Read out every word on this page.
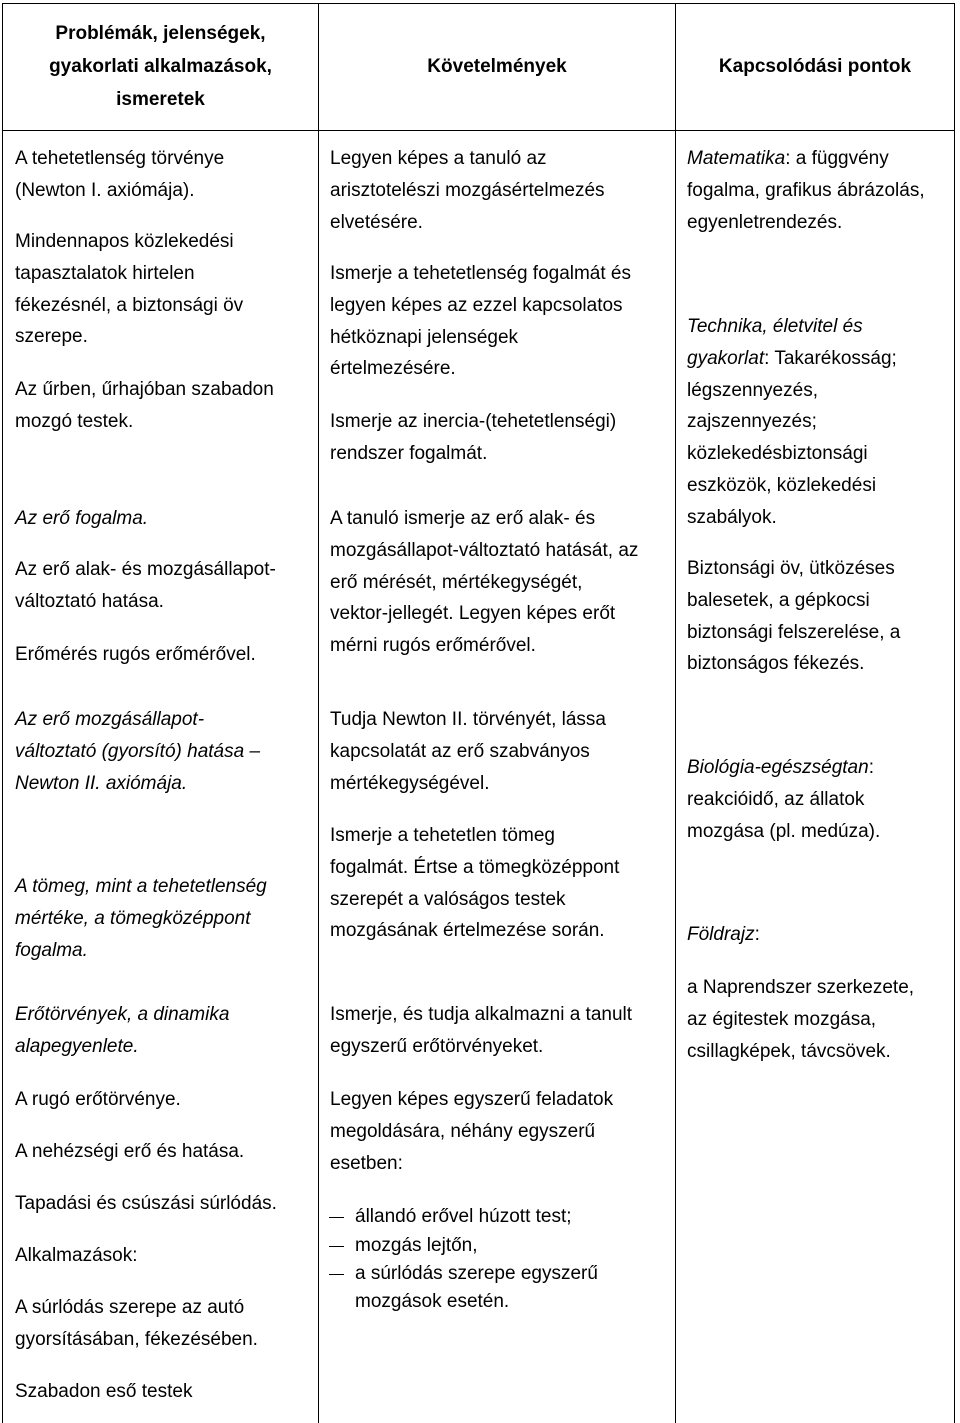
Problémák, jelenségek,
gyakorlati alkalmazások,
ismeretek
Követelmények	Kapcsolódási pontok
A tehetetlenség törvénye
(Newton I. axiómája).
Mindennapos közlekedési
tapasztalatok hirtelen
fékezésnél, a biztonsági öv
szerepe.
Az űrben, űrhajóban szabadon
mozgó testek.
Az erő fogalma.
Az erő alak- és mozgásállapot-
változtató hatása.
Erőmérés rugós erőmérővel.
Az erő mozgásállapot-
változtató (gyorsító) hatása –
Newton II. axiómája.
A tömeg, mint a tehetetlenség
mértéke, a tömegközéppont
fogalma.
Erőtörvények, a dinamika
alapegyenlete.
A rugó erőtörvénye.
A nehézségi erő és hatása.
Tapadási és csúszási súrlódás.
Alkalmazások:
A súrlódás szerepe az autó
gyorsításában, fékezésében.
Szabadon eső testek
Legyen képes a tanuló az
arisztotelészi mozgásértelmezés
elvetésére.
Ismerje a tehetetlenség fogalmát és
legyen képes az ezzel kapcsolatos
hétköznapi jelenségek
értelmezésére.
Ismerje az inercia-(tehetetlenségi)
rendszer fogalmát.
A tanuló ismerje az erő alak- és
mozgásállapot-változtató hatását, az
erő mérését, mértékegységét,
vektor-jellegét. Legyen képes erőt
mérni rugós erőmérővel.
Tudja Newton II. törvényét, lássa
kapcsolatát az erő szabványos
mértékegységével.
Ismerje a tehetetlen tömeg
fogalmát. Értse a tömegközéppont
szerepét a valóságos testek
mozgásának értelmezése során.
Ismerje, és tudja alkalmazni a tanult
egyszerű erőtörvényeket.
Legyen képes egyszerű feladatok
megoldására, néhány egyszerű
esetben:
állandó erővel húzott test;
mozgás lejtőn,
a súrlódás szerepe egyszerű
mozgások esetén.
Matematika: a függvény
fogalma, grafikus ábrázolás,
egyenletrendezés.
Technika, életvitel és
gyakorlat: Takarékosság;
légszennyezés,
zajszennyezés;
közlekedésbiztonsági
eszközök, közlekedési
szabályok.
Biztonsági öv, ütközéses
balesetek, a gépkocsi
biztonsági felszerelése, a
biztonságos fékezés.
Biológia-egészségtan:
reakcióidő, az állatok
mozgása (pl. medúza).
Földrajz:
a Naprendszer szerkezete,
az égitestek mozgása,
csillagképek, távcsövek.
